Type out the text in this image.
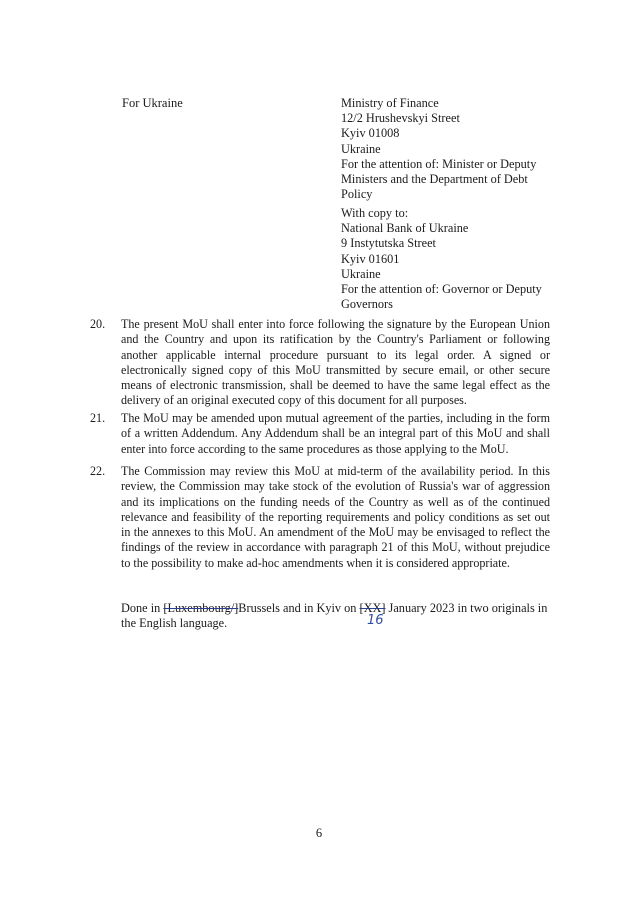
For Ukraine	Ministry of Finance
12/2 Hrushevskyi Street
Kyiv 01008
Ukraine
For the attention of: Minister or Deputy
Ministers and the Department of Debt
Policy
With copy to:
National Bank of Ukraine
9 Instytutska Street
Kyiv 01601
Ukraine
For the attention of: Governor or Deputy
Governors
20.	The present MoU shall enter into force following the signature by the European Union and the Country and upon its ratification by the Country's Parliament or following another applicable internal procedure pursuant to its legal order. A signed or electronically signed copy of this MoU transmitted by secure email, or other secure means of electronic transmission, shall be deemed to have the same legal effect as the delivery of an original executed copy of this document for all purposes.
21.	The MoU may be amended upon mutual agreement of the parties, including in the form of a written Addendum. Any Addendum shall be an integral part of this MoU and shall enter into force according to the same procedures as those applying to the MoU.
22.	The Commission may review this MoU at mid-term of the availability period. In this review, the Commission may take stock of the evolution of Russia's war of aggression and its implications on the funding needs of the Country as well as of the continued relevance and feasibility of the reporting requirements and policy conditions as set out in the annexes to this MoU. An amendment of the MoU may be envisaged to reflect the findings of the review in accordance with paragraph 21 of this MoU, without prejudice to the possibility to make ad-hoc amendments when it is considered appropriate.
Done in [Luxembourg/]Brussels and in Kyiv on [XX] January 2023 in two originals in the English language.	16
6
